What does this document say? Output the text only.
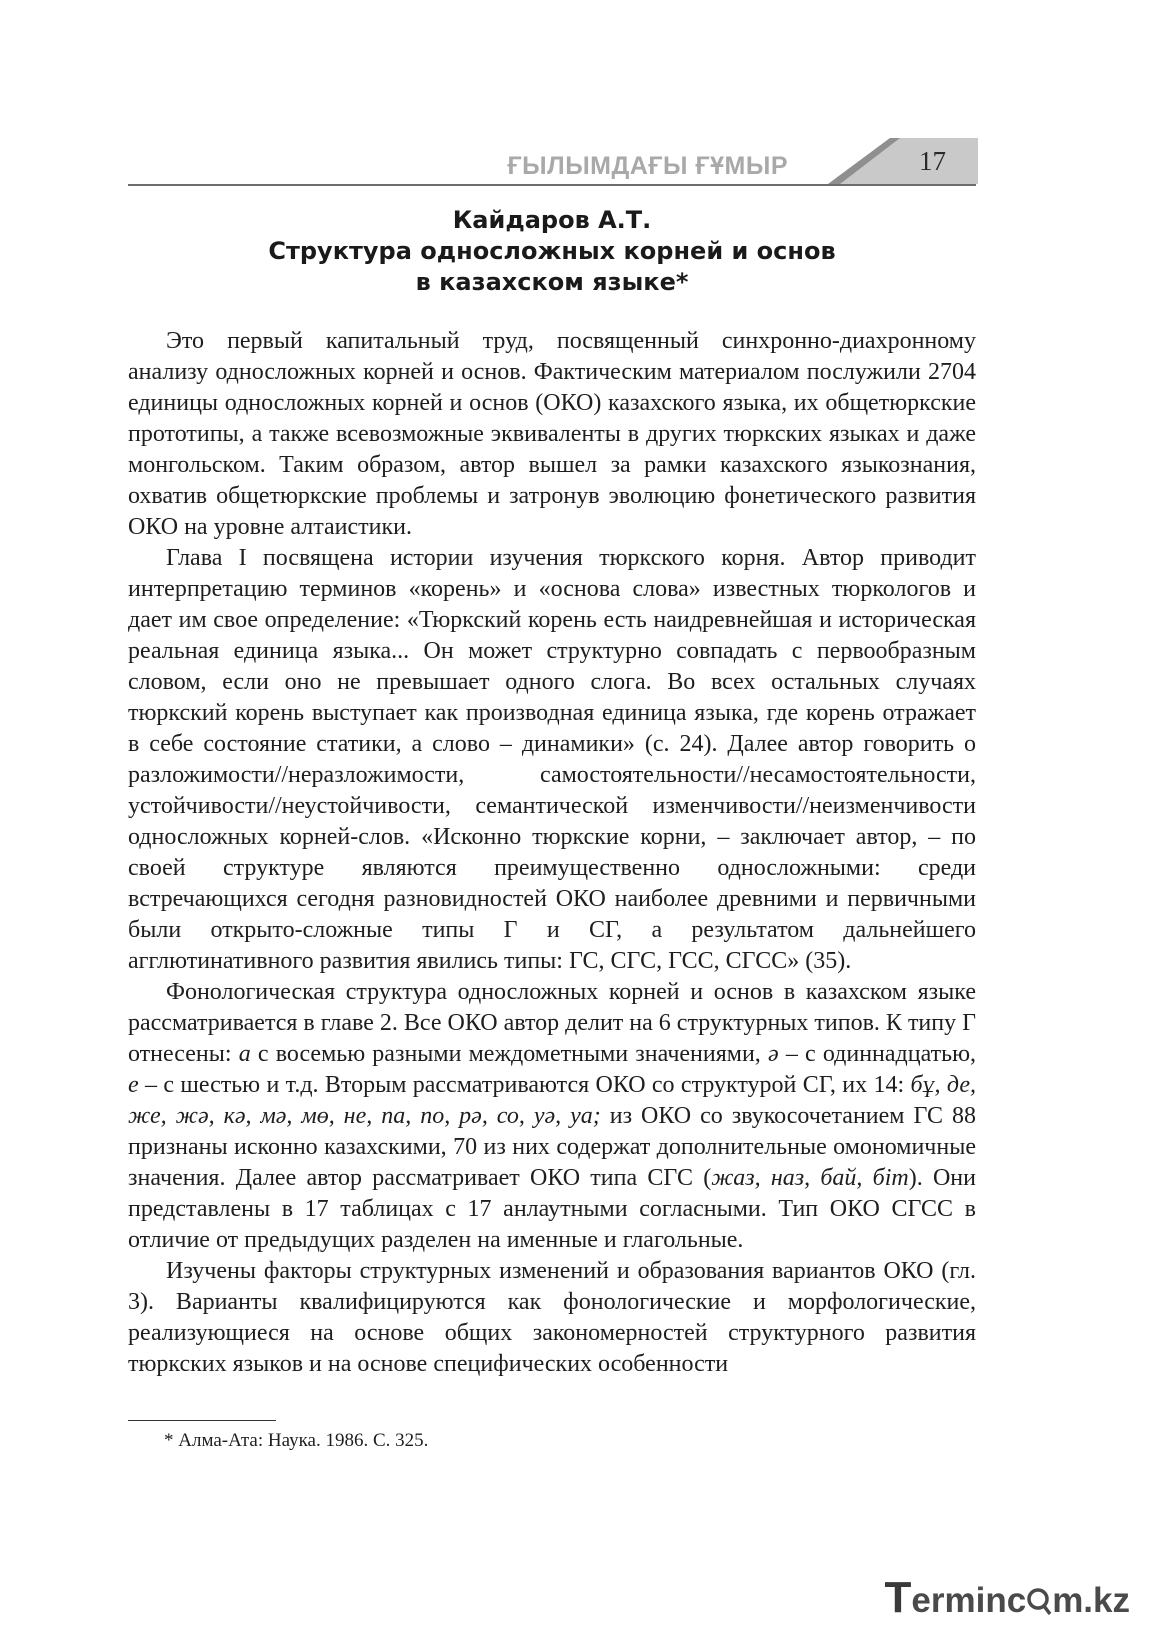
ҒЫЛЫМДАҒЫ ҒҰМЫР	17
Кайдаров А.Т.
Структура односложных корней и основ
в казахском языке*

Это первый капитальный труд, посвященный синхронно-диахронному анализу односложных корней и основ. Фактическим материалом послужили 2704 единицы односложных корней и основ (ОКО) казахского языка, их общетюркские прототипы, а также всевозможные эквиваленты в других тюркских языках и даже монгольском. Таким образом, автор вышел за рамки казахского языкознания, охватив общетюркские проблемы и затронув эволюцию фонетического развития ОКО на уровне алтаистики.

Глава I посвящена истории изучения тюркского корня. Автор приводит интерпретацию терминов «корень» и «основа слова» известных тюркологов и дает им свое определение: «Тюркский корень есть наидревнейшая и историческая реальная единица языка... Он может структурно совпадать с первообразным словом, если оно не превышает одного слога. Во всех остальных случаях тюркский корень выступает как производная единица языка, где корень отражает в себе состояние статики, а слово – динамики» (с. 24). Далее автор говорить о разложимости//неразложимости, самостоятельности//несамостоятельности, устойчивости//неустойчивости, семантической изменчивости//неизменчивости односложных корней-слов. «Исконно тюркские корни, – заключает автор, – по своей структуре являются преимущественно односложными: среди встречающихся сегодня разновидностей ОКО наиболее древними и первичными были открыто-сложные типы Г и СГ, а результатом дальнейшего агглютинативного развития явились типы: ГС, СГС, ГСС, СГСС» (35).

Фонологическая структура односложных корней и основ в казахском языке рассматривается в главе 2. Все ОКО автор делит на 6 структурных типов. К типу Г отнесены: а с восемью разными междометными значениями, ә – с одиннадцатью, е – с шестью и т.д. Вторым рассматриваются ОКО со структурой СГ, их 14: бұ, де, же, жә, кә, мә, мө, не, па, по, рә, со, уә, уа; из ОКО со звукосочетанием ГС 88 признаны исконно казахскими, 70 из них содержат дополнительные омономичные значения. Далее автор рассматривает ОКО типа СГС (жаз, наз, бай, біт). Они представлены в 17 таблицах с 17 анлаутными согласными. Тип ОКО СГСС в отличие от предыдущих разделен на именные и глагольные.

Изучены факторы структурных изменений и образования вариантов ОКО (гл. 3). Варианты квалифицируются как фонологические и морфологические, реализующиеся на основе общих закономерностей структурного развития тюркских языков и на основе специфических особенности

* Алма-Ата: Наука. 1986. С. 325.
Terminc m.kz
